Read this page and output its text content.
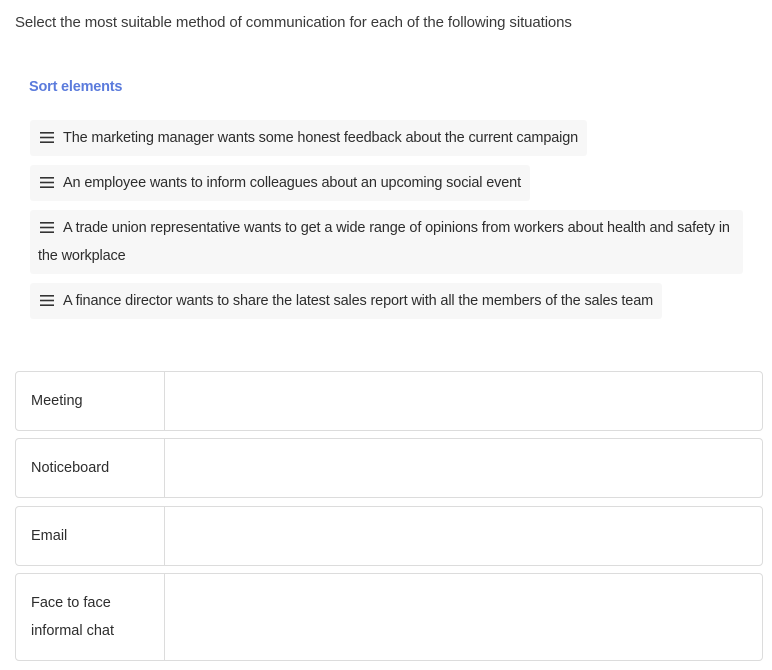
Select the most suitable method of communication for each of the following situations
Sort elements
The marketing manager wants some honest feedback about the current campaign
An employee wants to inform colleagues about an upcoming social event
A trade union representative wants to get a wide range of opinions from workers about health and safety in the workplace
A finance director wants to share the latest sales report with all the members of the sales team
Meeting
Noticeboard
Email
Face to face
informal chat
